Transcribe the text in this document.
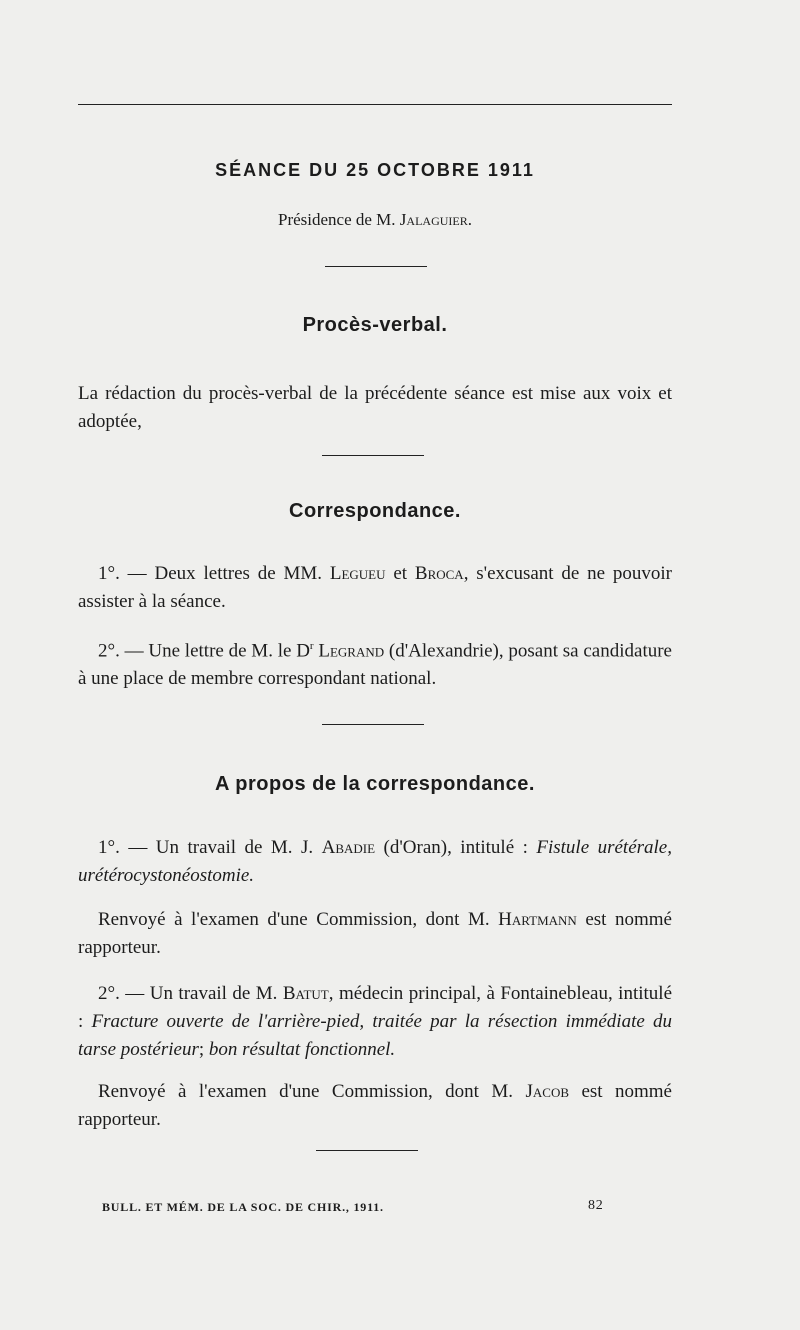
SÉANCE DU 25 OCTOBRE 1911
Présidence de M. Jalaguier.
Procès-verbal.

La rédaction du procès-verbal de la précédente séance est mise aux voix et adoptée,

Correspondance.

1°. — Deux lettres de MM. Legueu et Broca, s'excusant de ne pouvoir assister à la séance.

2°. — Une lettre de M. le $D^r$ Legrand (d'Alexandrie), posant sa candidature à une place de membre correspondant national.

A propos de la correspondance.

1°. — Un travail de M. J. Abadie (d'Oran), intitulé : Fistule urétérale, urétérocystonéostomie.

Renvoyé à l'examen d'une Commission, dont M. Hartmann est nommé rapporteur.

2°. — Un travail de M. Batut, médecin principal, à Fontainebleau, intitulé : Fracture ouverte de l'arrière-pied, traitée par la résection immédiate du tarse postérieur; bon résultat fonctionnel.

Renvoyé à l'examen d'une Commission, dont M. Jacob est nommé rapporteur.

BULL. ET MÉM. DE LA SOC. DE CHIR., 1911.	82
